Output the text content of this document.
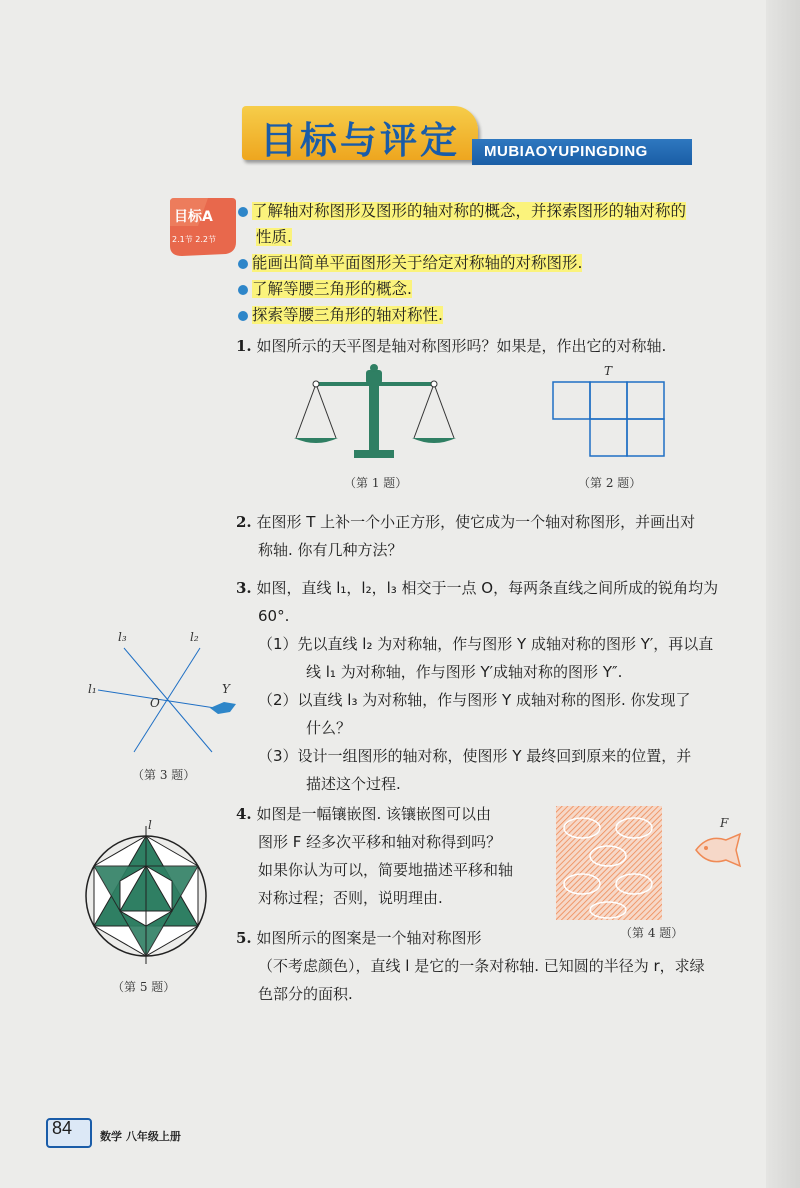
目标与评定	MUBIAOYUPINGDING
目标A
2.1节 2.2节
了解轴对称图形及图形的轴对称的概念，并探索图形的轴对称的
性质.
能画出简单平面图形关于给定对称轴的对称图形.
了解等腰三角形的概念.
探索等腰三角形的轴对称性.
1. 如图所示的天平图是轴对称图形吗？如果是，作出它的对称轴.
（第 1 题）
T
（第 2 题）
2. 在图形 T 上补一个小正方形，使它成为一个轴对称图形，并画出对
称轴. 你有几种方法？
3. 如图，直线 l₁，l₂，l₃ 相交于一点 O，每两条直线之间所成的锐角均为
60°.
（1）先以直线 l₂ 为对称轴，作与图形 Y 成轴对称的图形 Y′，再以直
线 l₁ 为对称轴，作与图形 Y′成轴对称的图形 Y″.
（2）以直线 l₃ 为对称轴，作与图形 Y 成轴对称的图形. 你发现了
什么？
（3）设计一组图形的轴对称，使图形 Y 最终回到原来的位置，并
描述这个过程.
l₃	l₂
l₁
O
Y
（第 3 题）
4. 如图是一幅镶嵌图. 该镶嵌图可以由
图形 F 经多次平移和轴对称得到吗？
如果你认为可以，简要地描述平移和轴
对称过程；否则，说明理由.
F
（第 4 题）
5. 如图所示的图案是一个轴对称图形
（不考虑颜色），直线 l 是它的一条对称轴. 已知圆的半径为 r，求绿
色部分的面积.
l
（第 5 题）
84	数学 八年级上册
